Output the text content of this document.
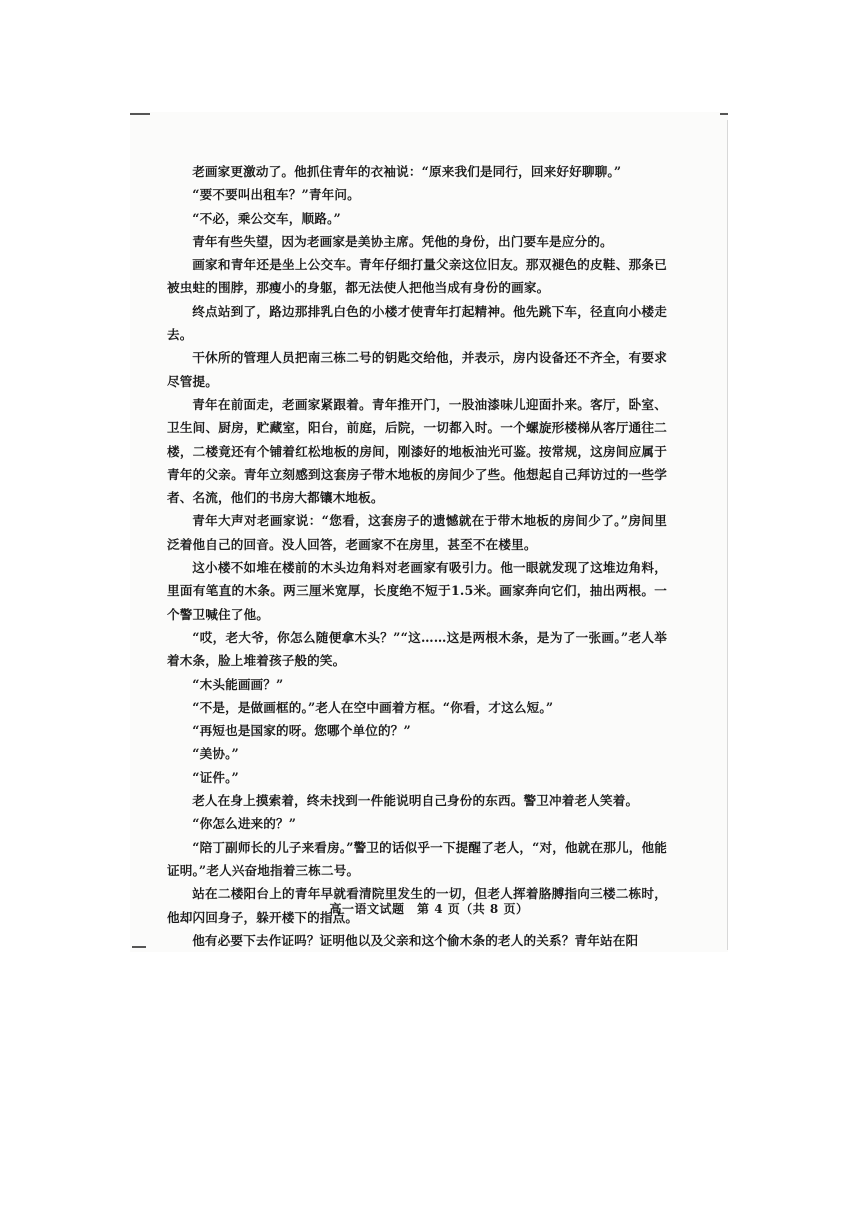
老画家更激动了。他抓住青年的衣袖说：“原来我们是同行，回来好好聊聊。”

“要不要叫出租车？”青年问。

“不必，乘公交车，顺路。”

青年有些失望，因为老画家是美协主席。凭他的身份，出门要车是应分的。

画家和青年还是坐上公交车。青年仔细打量父亲这位旧友。那双褪色的皮鞋、那条已被虫蛀的围脖，那瘦小的身躯，都无法使人把他当成有身份的画家。

终点站到了，路边那排乳白色的小楼才使青年打起精神。他先跳下车，径直向小楼走去。

干休所的管理人员把南三栋二号的钥匙交给他，并表示，房内设备还不齐全，有要求尽管提。

青年在前面走，老画家紧跟着。青年推开门，一股油漆味儿迎面扑来。客厅，卧室、卫生间、厨房，贮藏室，阳台，前庭，后院，一切都入时。一个螺旋形楼梯从客厅通往二楼，二楼竟还有个铺着红松地板的房间，刚漆好的地板油光可鉴。按常规，这房间应属于青年的父亲。青年立刻感到这套房子带木地板的房间少了些。他想起自己拜访过的一些学者、名流，他们的书房大都镶木地板。

青年大声对老画家说：“您看，这套房子的遗憾就在于带木地板的房间少了。”房间里泛着他自己的回音。没人回答，老画家不在房里，甚至不在楼里。

这小楼不如堆在楼前的木头边角料对老画家有吸引力。他一眼就发现了这堆边角料，里面有笔直的木条。两三厘米宽厚，长度绝不短于1.5米。画家奔向它们，抽出两根。一个警卫喊住了他。

“哎，老大爷，你怎么随便拿木头？”“这……这是两根木条，是为了一张画。”老人举着木条，脸上堆着孩子般的笑。

“木头能画画？”

“不是，是做画框的。”老人在空中画着方框。“你看，才这么短。”

“再短也是国家的呀。您哪个单位的？”

“美协。”

“证件。”

老人在身上摸索着，终未找到一件能说明自己身份的东西。警卫冲着老人笑着。

“你怎么进来的？”

“陪丁副师长的儿子来看房。”警卫的话似乎一下提醒了老人，“对，他就在那儿，他能证明。”老人兴奋地指着三栋二号。

站在二楼阳台上的青年早就看清院里发生的一切，但老人挥着胳膊指向三楼二栋时，他却闪回身子，躲开楼下的指点。

他有必要下去作证吗？证明他以及父亲和这个偷木条的老人的关系？青年站在阳

高一语文试题　第 4 页（共 8 页）
